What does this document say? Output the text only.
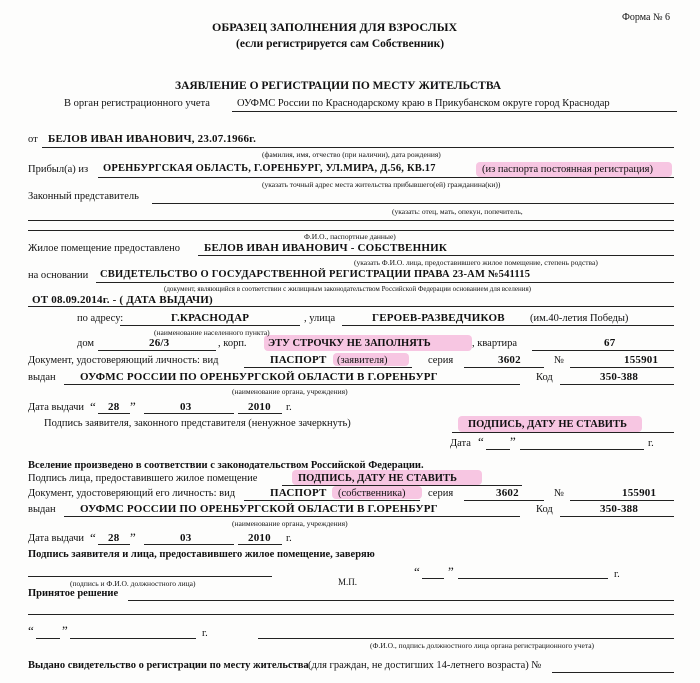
Форма № 6
ОБРАЗЕЦ ЗАПОЛНЕНИЯ ДЛЯ ВЗРОСЛЫХ
(если регистрируется сам Собственник)
ЗАЯВЛЕНИЕ О РЕГИСТРАЦИИ ПО МЕСТУ ЖИТЕЛЬСТВА
В орган регистрационного учета	ОУФМС России по Краснодарскому краю в Прикубанском округе город Краснодар
от БЕЛОВ ИВАН ИВАНОВИЧ, 23.07.1966г.
(фамилия, имя, отчество (при наличии), дата рождения)
Прибыл(а) из ОРЕНБУРГСКАЯ ОБЛАСТЬ, Г.ОРЕНБУРГ, УЛ.МИРА, Д.56, КВ.17	(из паспорта постоянная регистрация)
(указать точный адрес места жительства прибывшего(ей) гражданина(ки))
Законный представитель
(указать: отец, мать, опекун, попечитель,
Ф.И.О., паспортные данные)
Жилое помещение предоставлено БЕЛОВ ИВАН ИВАНОВИЧ - СОБСТВЕННИК
(указать Ф.И.О. лица, предоставившего жилое помещение, степень родства)
на основании СВИДЕТЕЛЬСТВО О ГОСУДАРСТВЕННОЙ РЕГИСТРАЦИИ ПРАВА 23-АМ №541115
(документ, являющийся в соответствии с жилищным законодательством Российской Федерации основанием для вселения)
ОТ 08.09.2014г. - ( ДАТА ВЫДАЧИ)
по адресу:	Г.КРАСНОДАР
(наименование населенного пункта)
, улица	ГЕРОЕВ-РАЗВЕДЧИКОВ (им.40-летия Победы)
дом	26/3	, корп. ЭТУ СТРОЧКУ НЕ ЗАПОЛНЯТЬ	, квартира	67
Документ, удостоверяющий личность: вид	ПАСПОРТ (заявителя)	серия	3602	№	155901
выдан ОУФМС РОССИИ ПО ОРЕНБУРГСКОЙ ОБЛАСТИ В Г.ОРЕНБУРГ	Код	350-388
(наименование органа, учреждения)
Дата выдачи “ 28 ”	03	2010 г.
Подпись заявителя, законного представителя (ненужное зачеркнуть)	ПОДПИСЬ, ДАТУ НЕ СТАВИТЬ
Дата “ ”	г.
Вселение произведено в соответствии с законодательством Российской Федерации.
Подпись лица, предоставившего жилое помещение	ПОДПИСЬ, ДАТУ НЕ СТАВИТЬ
Документ, удостоверяющий его личность: вид	ПАСПОРТ (собственника) серия	3602	№	155901
выдан ОУФМС РОССИИ ПО ОРЕНБУРГСКОЙ ОБЛАСТИ В Г.ОРЕНБУРГ	Код	350-388
(наименование органа, учреждения)
Дата выдачи “ 28 ”	03	2010 г.
Подпись заявителя и лица, предоставившего жилое помещение, заверяю
(подпись и Ф.И.О. должностного лица)	М.П.
“ ”	г.
Принятое решение
“ ”	г.
(Ф.И.О., подпись должностного лица органа регистрационного учета)
Выдано свидетельство о регистрации по месту жительства (для граждан, не достигших 14-летнего возраста) №
